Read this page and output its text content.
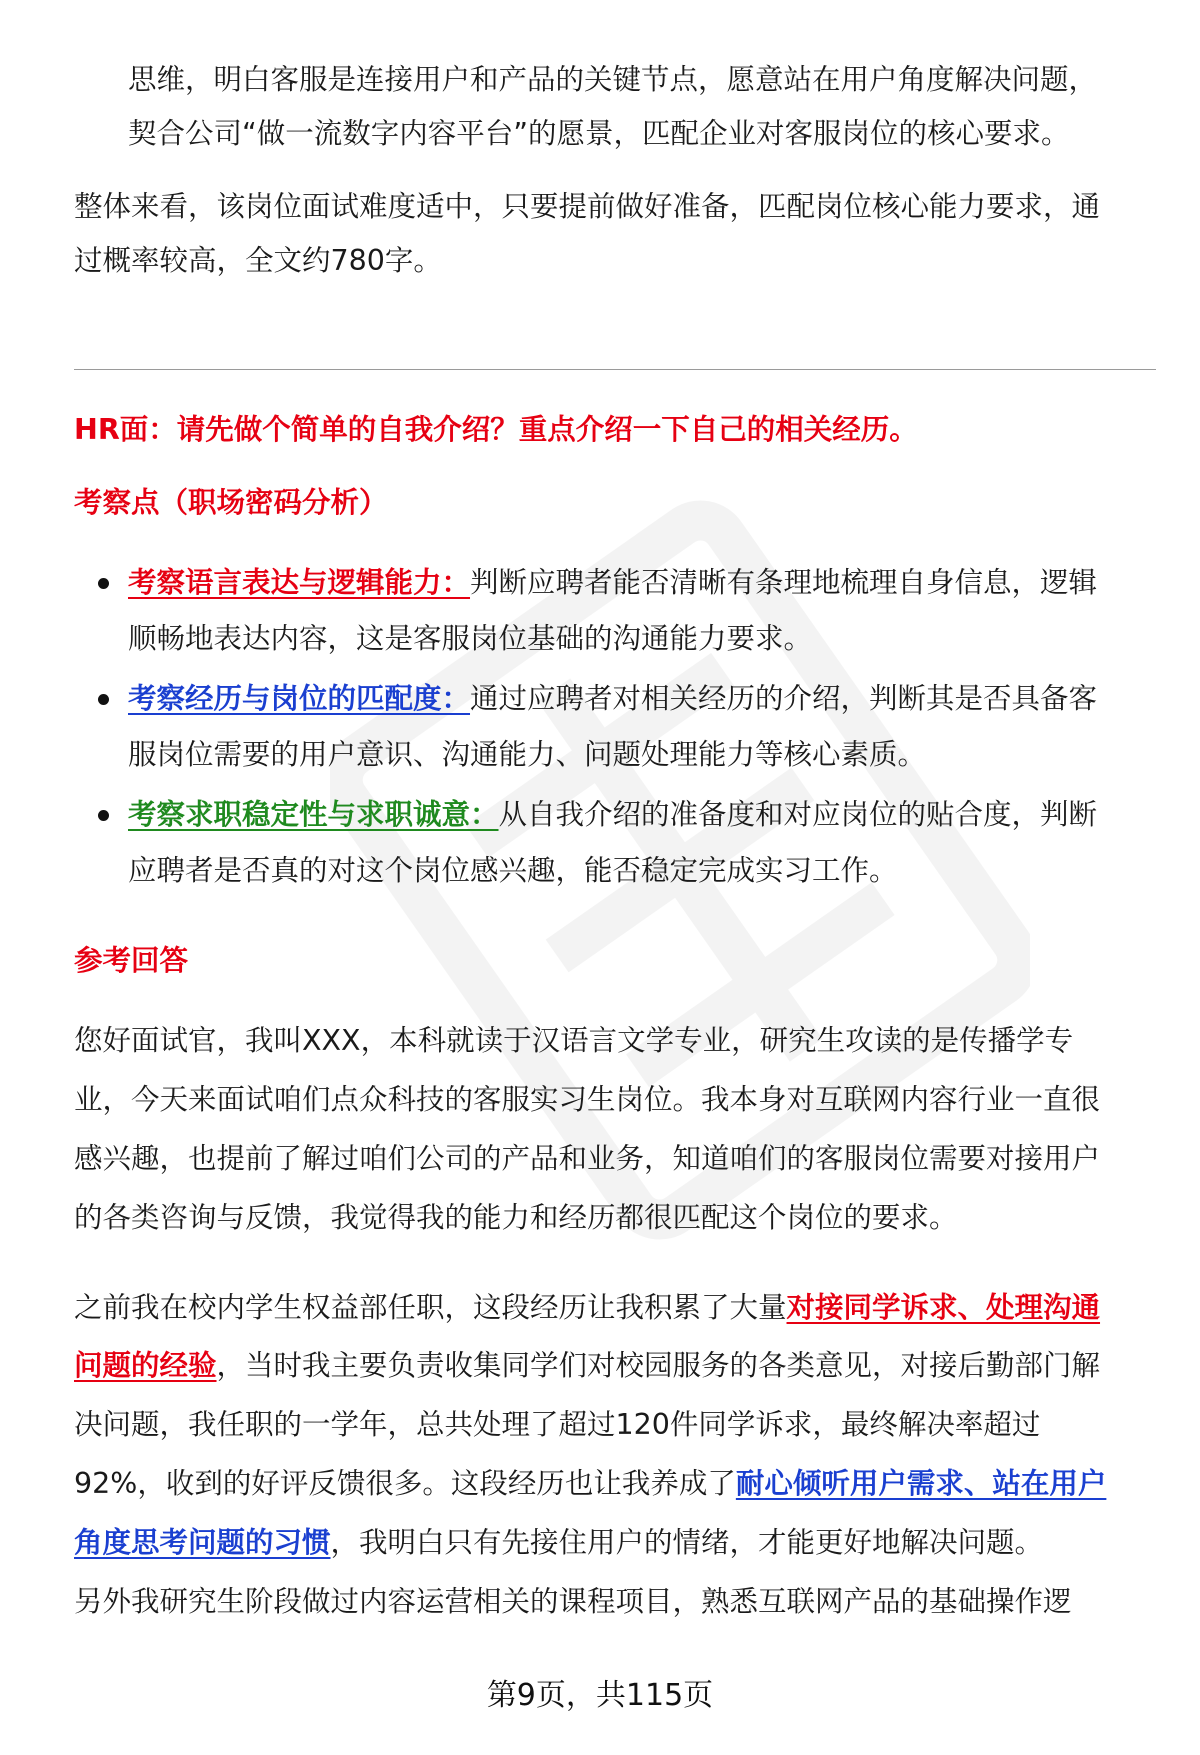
思维，明白客服是连接用户和产品的关键节点，愿意站在用户角度解决问题，
契合公司“做一流数字内容平台”的愿景，匹配企业对客服岗位的核心要求。
整体来看，该岗位面试难度适中，只要提前做好准备，匹配岗位核心能力要求，通
过概率较高，全文约780字。
HR面：请先做个简单的自我介绍？重点介绍一下自己的相关经历。
考察点（职场密码分析）
考察语言表达与逻辑能力：判断应聘者能否清晰有条理地梳理自身信息，逻辑
顺畅地表达内容，这是客服岗位基础的沟通能力要求。
考察经历与岗位的匹配度：通过应聘者对相关经历的介绍，判断其是否具备客
服岗位需要的用户意识、沟通能力、问题处理能力等核心素质。
考察求职稳定性与求职诚意：从自我介绍的准备度和对应岗位的贴合度，判断
应聘者是否真的对这个岗位感兴趣，能否稳定完成实习工作。
参考回答
您好面试官，我叫XXX，本科就读于汉语言文学专业，研究生攻读的是传播学专
业，今天来面试咱们点众科技的客服实习生岗位。我本身对互联网内容行业一直很
感兴趣，也提前了解过咱们公司的产品和业务，知道咱们的客服岗位需要对接用户
的各类咨询与反馈，我觉得我的能力和经历都很匹配这个岗位的要求。
之前我在校内学生权益部任职，这段经历让我积累了大量对接同学诉求、处理沟通
问题的经验，当时我主要负责收集同学们对校园服务的各类意见，对接后勤部门解
决问题，我任职的一学年，总共处理了超过120件同学诉求，最终解决率超过
92%，收到的好评反馈很多。这段经历也让我养成了耐心倾听用户需求、站在用户
角度思考问题的习惯，我明白只有先接住用户的情绪，才能更好地解决问题。
另外我研究生阶段做过内容运营相关的课程项目，熟悉互联网产品的基础操作逻
第9页，共115页
